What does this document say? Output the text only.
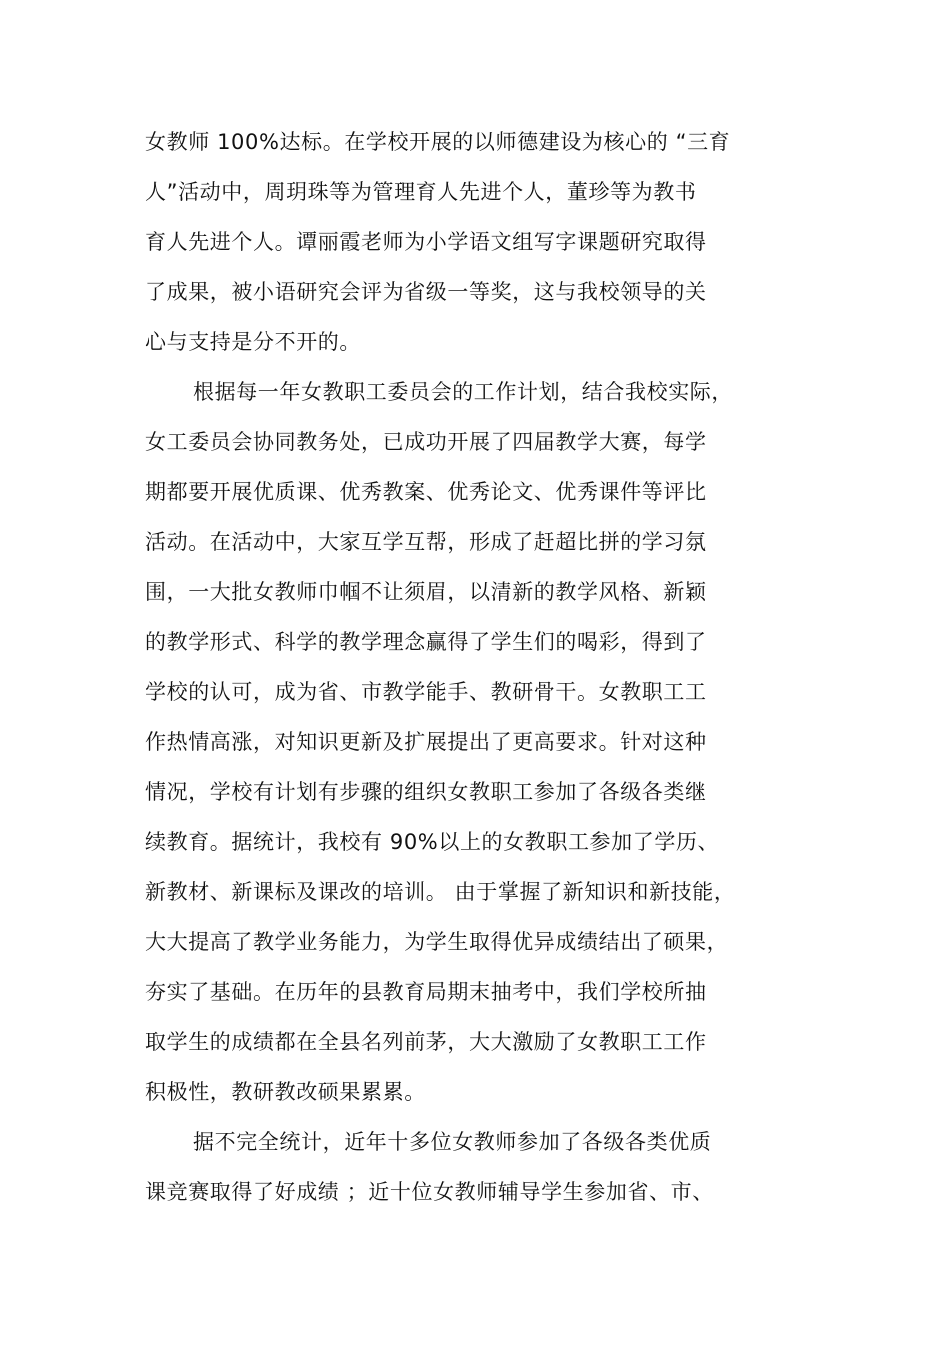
女教师 100%达标。在学校开展的以师德建设为核心的 “三育
人”活动中，周玥珠等为管理育人先进个人，董珍等为教书
育人先进个人。谭丽霞老师为小学语文组写字课题研究取得
了成果，被小语研究会评为省级一等奖，这与我校领导的关
心与支持是分不开的。
根据每一年女教职工委员会的工作计划，结合我校实际，
女工委员会协同教务处，已成功开展了四届教学大赛，每学
期都要开展优质课、优秀教案、优秀论文、优秀课件等评比
活动。在活动中，大家互学互帮，形成了赶超比拼的学习氛
围，一大批女教师巾帼不让须眉，以清新的教学风格、新颖
的教学形式、科学的教学理念赢得了学生们的喝彩，得到了
学校的认可，成为省、市教学能手、教研骨干。女教职工工
作热情高涨，对知识更新及扩展提出了更高要求。针对这种
情况，学校有计划有步骤的组织女教职工参加了各级各类继
续教育。据统计，我校有 90%以上的女教职工参加了学历、
新教材、新课标及课改的培训。 由于掌握了新知识和新技能，
大大提高了教学业务能力，为学生取得优异成绩结出了硕果，
夯实了基础。在历年的县教育局期末抽考中，我们学校所抽
取学生的成绩都在全县名列前茅，大大激励了女教职工工作
积极性，教研教改硕果累累。
据不完全统计，近年十多位女教师参加了各级各类优质
课竞赛取得了好成绩 ；近十位女教师辅导学生参加省、市、
